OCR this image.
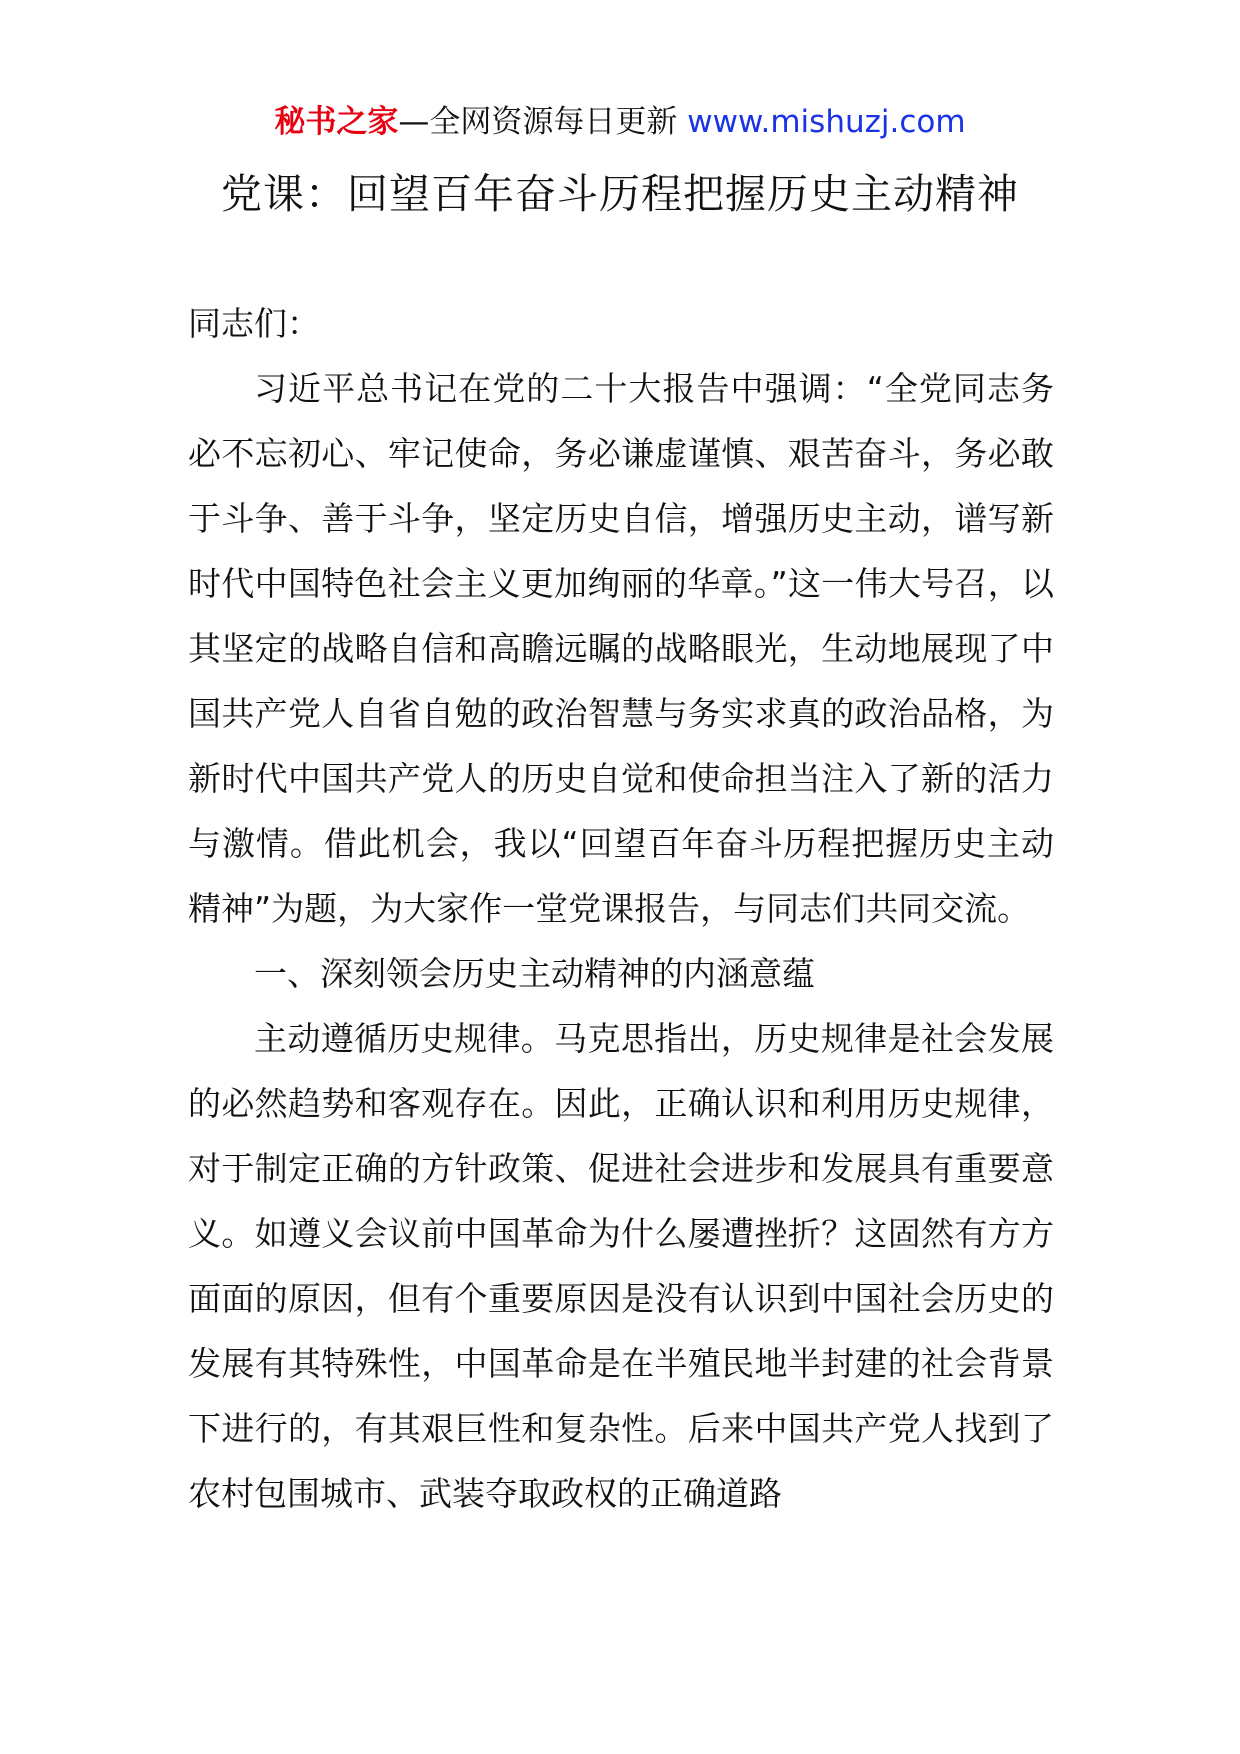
秘书之家—全网资源每日更新 www.mishuzj.com
党课：回望百年奋斗历程把握历史主动精神

同志们：

习近平总书记在党的二十大报告中强调：“全党同志务必不忘初心、牢记使命，务必谦虚谨慎、艰苦奋斗，务必敢于斗争、善于斗争，坚定历史自信，增强历史主动，谱写新时代中国特色社会主义更加绚丽的华章。”这一伟大号召，以其坚定的战略自信和高瞻远瞩的战略眼光，生动地展现了中国共产党人自省自勉的政治智慧与务实求真的政治品格，为新时代中国共产党人的历史自觉和使命担当注入了新的活力与激情。借此机会，我以“回望百年奋斗历程把握历史主动精神”为题，为大家作一堂党课报告，与同志们共同交流。

一、深刻领会历史主动精神的内涵意蕴

主动遵循历史规律。马克思指出，历史规律是社会发展的必然趋势和客观存在。因此，正确认识和利用历史规律，对于制定正确的方针政策、促进社会进步和发展具有重要意义。如遵义会议前中国革命为什么屡遭挫折？这固然有方方面面的原因，但有个重要原因是没有认识到中国社会历史的发展有其特殊性，中国革命是在半殖民地半封建的社会背景下进行的，有其艰巨性和复杂性。后来中国共产党人找到了农村包围城市、武装夺取政权的正确道路
